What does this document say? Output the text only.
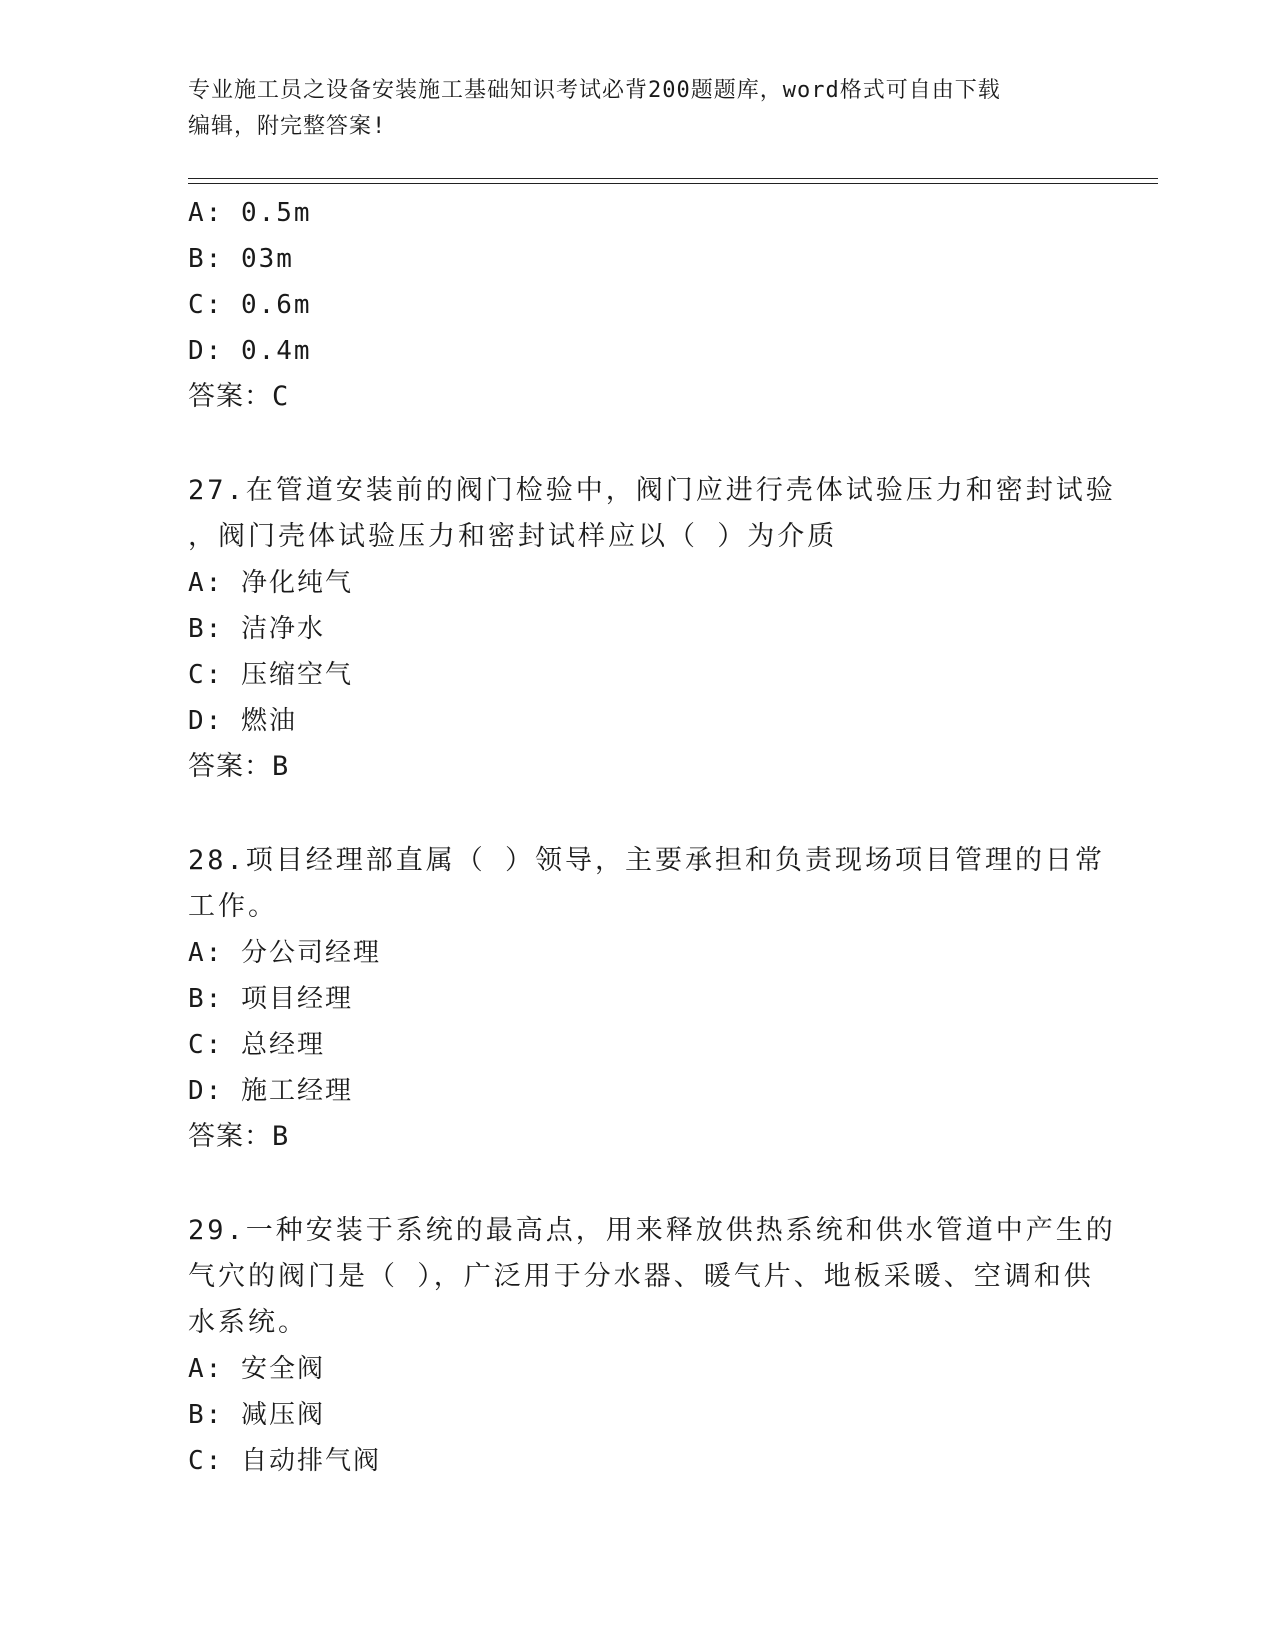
专业施工员之设备安装施工基础知识考试必背200题题库，word格式可自由下载
编辑，附完整答案!
A: 0.5m
B: 03m
C: 0.6m
D: 0.4m
答案：C
27.在管道安装前的阀门检验中，阀门应进行壳体试验压力和密封试验
，阀门壳体试验压力和密封试样应以（ ）为介质
A: 净化纯气
B: 洁净水
C: 压缩空气
D: 燃油
答案：B
28.项目经理部直属（ ）领导，主要承担和负责现场项目管理的日常
工作。
A: 分公司经理
B: 项目经理
C: 总经理
D: 施工经理
答案：B
29.一种安装于系统的最高点，用来释放供热系统和供水管道中产生的
气穴的阀门是（ ），广泛用于分水器、暖气片、地板采暖、空调和供
水系统。
A: 安全阀
B: 减压阀
C: 自动排气阀
